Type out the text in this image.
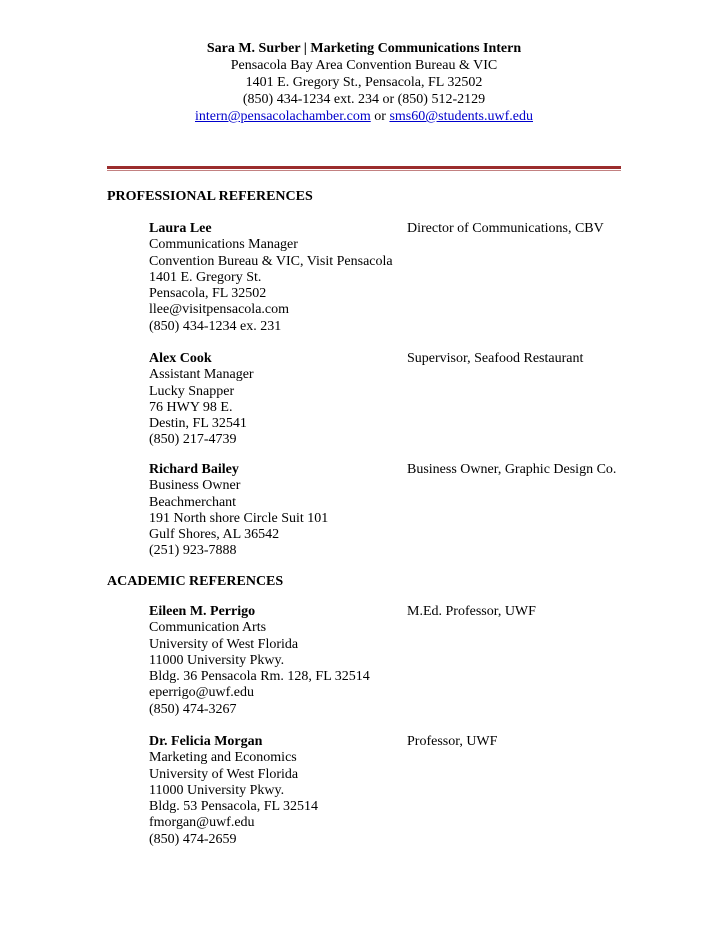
Sara M. Surber | Marketing Communications Intern
Pensacola Bay Area Convention Bureau & VIC
1401 E. Gregory St., Pensacola, FL 32502
(850) 434-1234 ext. 234 or (850) 512-2129
intern@pensacolachamber.com or sms60@students.uwf.edu
PROFESSIONAL REFERENCES
Laura Lee
Communications Manager
Convention Bureau & VIC, Visit Pensacola
1401 E. Gregory St.
Pensacola, FL 32502
llee@visitpensacola.com
(850) 434-1234 ex. 231
Director of Communications, CBV
Alex Cook
Assistant Manager
Lucky Snapper
76 HWY 98 E.
Destin, FL 32541
(850) 217-4739
Supervisor, Seafood Restaurant
Richard Bailey
Business Owner
Beachmerchant
191 North shore Circle Suit 101
Gulf Shores, AL 36542
(251) 923-7888
Business Owner, Graphic Design Co.
ACADEMIC REFERENCES
Eileen M. Perrigo
Communication Arts
University of West Florida
11000 University Pkwy.
Bldg. 36 Pensacola Rm. 128, FL 32514
eperrigo@uwf.edu
(850) 474-3267
M.Ed. Professor, UWF
Dr. Felicia Morgan
Marketing and Economics
University of West Florida
11000 University Pkwy.
Bldg. 53 Pensacola, FL 32514
fmorgan@uwf.edu
(850) 474-2659
Professor, UWF
